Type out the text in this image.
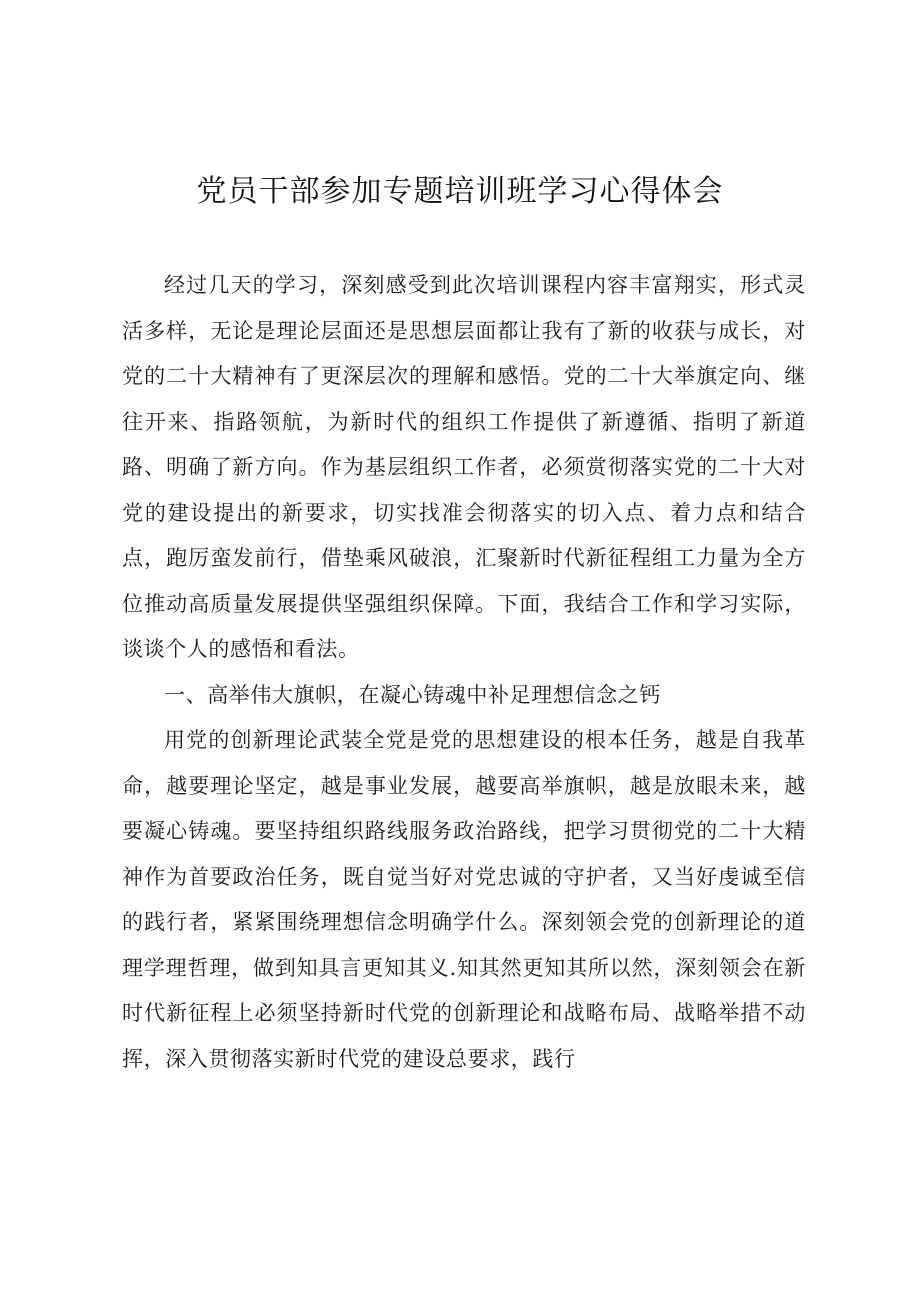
党员干部参加专题培训班学习心得体会

经过几天的学习，深刻感受到此次培训课程内容丰富翔实，形式灵活多样，无论是理论层面还是思想层面都让我有了新的收获与成长，对党的二十大精神有了更深层次的理解和感悟。党的二十大举旗定向、继往开来、指路领航，为新时代的组织工作提供了新遵循、指明了新道路、明确了新方向。作为基层组织工作者，必须赏彻落实党的二十大对党的建设提出的新要求，切实找准会彻落实的切入点、着力点和结合点，跑厉蛮发前行，借垫乘风破浪，汇聚新时代新征程组工力量为全方位推动高质量发展提供坚强组织保障。下面，我结合工作和学习实际，谈谈个人的感悟和看法。

一、高举伟大旗帜，在凝心铸魂中补足理想信念之钙

用党的创新理论武装全党是党的思想建设的根本任务，越是自我革命，越要理论坚定，越是事业发展，越要高举旗帜，越是放眼未来，越要凝心铸魂。要坚持组织路线服务政治路线，把学习贯彻党的二十大精神作为首要政治任务，既自觉当好对党忠诚的守护者，又当好虔诚至信的践行者，紧紧围绕理想信念明确学什么。深刻领会党的创新理论的道理学理哲理，做到知具言更知其义.知其然更知其所以然，深刻领会在新时代新征程上必须坚持新时代党的创新理论和战略布局、战略举措不动挥，深入贯彻落实新时代党的建设总要求，践行
